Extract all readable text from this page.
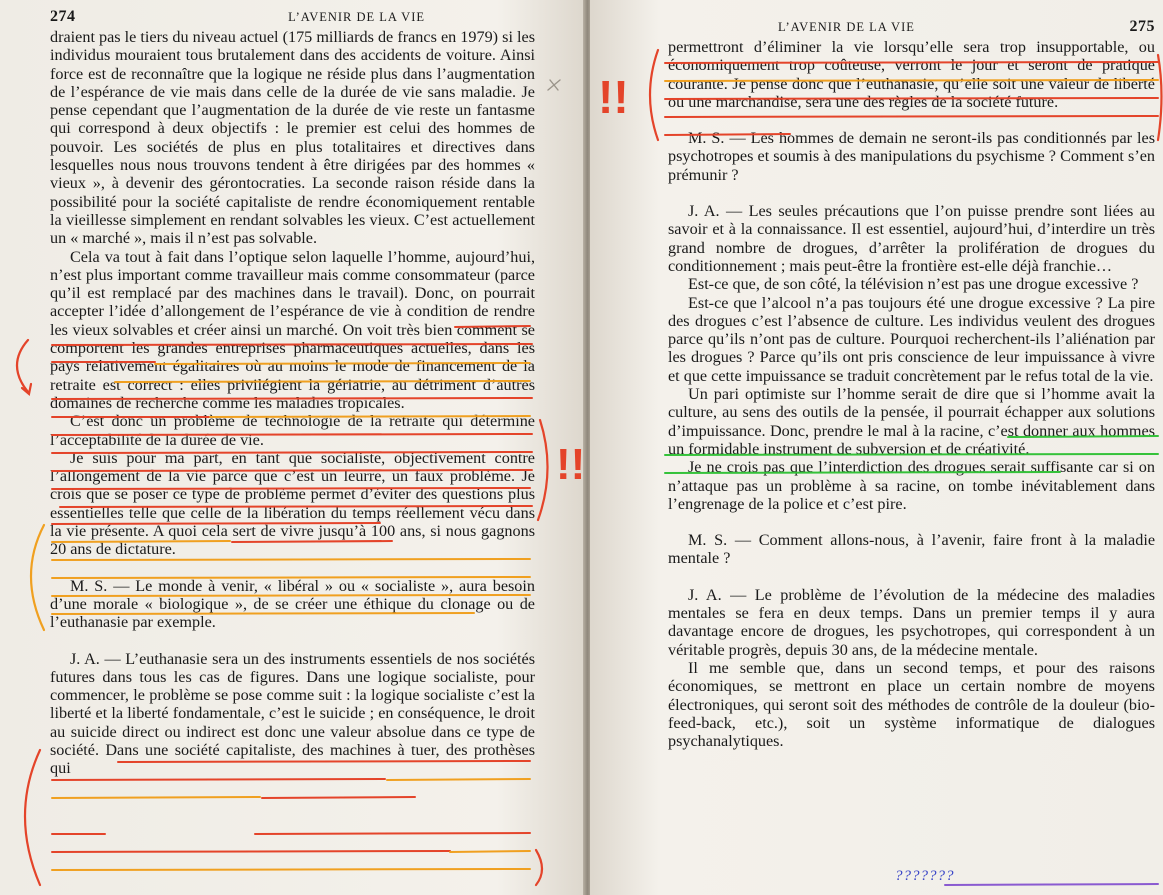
274	L’AVENIR DE LA VIE

draient pas le tiers du niveau actuel (175 milliards de francs en 1979) si les individus mouraient tous brutalement dans des accidents de voiture. Ainsi force est de reconnaître que la logique ne réside plus dans l’augmentation de l’espérance de vie mais dans celle de la durée de vie sans maladie. Je pense cependant que l’augmentation de la durée de vie reste un fantasme qui correspond à deux objectifs : le premier est celui des hommes de pouvoir. Les sociétés de plus en plus totalitaires et directives dans lesquelles nous nous trouvons tendent à être dirigées par des hommes « vieux », à devenir des gérontocraties. La seconde raison réside dans la possibilité pour la société capitaliste de rendre économiquement rentable la vieillesse simplement en rendant solvables les vieux. C’est actuellement un « marché », mais il n’est pas solvable.

Cela va tout à fait dans l’optique selon laquelle l’homme, aujourd’hui, n’est plus important comme travailleur mais comme consommateur (parce qu’il est remplacé par des machines dans le travail). Donc, on pourrait accepter l’idée d’allongement de l’espérance de vie à condition de rendre les vieux solvables et créer ainsi un marché. On voit très bien comment se comportent les grandes entreprises pharmaceutiques actuelles, dans les pays relativement égalitaires où au moins le mode de financement de la retraite est correct : elles privilégient la gériatrie, au détriment d’autres domaines de recherche comme les maladies tropicales.

C’est donc un problème de technologie de la retraite qui détermine l’acceptabilité de la durée de vie.

Je suis pour ma part, en tant que socialiste, objectivement contre l’allongement de la vie parce que c’est un leurre, un faux problème. Je crois que se poser ce type de problème permet d’éviter des questions plus essentielles telle que celle de la libération du temps réellement vécu dans la vie présente. A quoi cela sert de vivre jusqu’à 100 ans, si nous gagnons 20 ans de dictature.

M. S. — Le monde à venir, « libéral » ou « socialiste », aura besoin d’une morale « biologique », de se créer une éthique du clonage ou de l’euthanasie par exemple.

J. A. — L’euthanasie sera un des instruments essentiels de nos sociétés futures dans tous les cas de figures. Dans une logique socialiste, pour commencer, le problème se pose comme suit : la logique socialiste c’est la liberté et la liberté fondamentale, c’est le suicide ; en conséquence, le droit au suicide direct ou indirect est donc une valeur absolue dans ce type de société. Dans une société capitaliste, des machines à tuer, des prothèses qui

L’AVENIR DE LA VIE	275

permettront d’éliminer la vie lorsqu’elle sera trop insupportable, ou économiquement trop coûteuse, verront le jour et seront de pratique courante. Je pense donc que l’euthanasie, qu’elle soit une valeur de liberté ou une marchandise, sera une des règles de la société future.

M. S. — Les hommes de demain ne seront-ils pas conditionnés par les psychotropes et soumis à des manipulations du psychisme ? Comment s’en prémunir ?

J. A. — Les seules précautions que l’on puisse prendre sont liées au savoir et à la connaissance. Il est essentiel, aujourd’hui, d’interdire un très grand nombre de drogues, d’arrêter la prolifération de drogues du conditionnement ; mais peut-être la frontière est-elle déjà franchie…

Est-ce que, de son côté, la télévision n’est pas une drogue excessive ?

Est-ce que l’alcool n’a pas toujours été une drogue excessive ? La pire des drogues c’est l’absence de culture. Les individus veulent des drogues parce qu’ils n’ont pas de culture. Pourquoi recherchent-ils l’aliénation par les drogues ? Parce qu’ils ont pris conscience de leur impuissance à vivre et que cette impuissance se traduit concrètement par le refus total de la vie.

Un pari optimiste sur l’homme serait de dire que si l’homme avait la culture, au sens des outils de la pensée, il pourrait échapper aux solutions d’impuissance. Donc, prendre le mal à la racine, c’est donner aux hommes un formidable instrument de subversion et de créativité.

Je ne crois pas que l’interdiction des drogues serait suffisante car si on n’attaque pas un problème à sa racine, on tombe inévitablement dans l’engrenage de la police et c’est pire.

M. S. — Comment allons-nous, à l’avenir, faire front à la maladie mentale ?

J. A. — Le problème de l’évolution de la médecine des maladies mentales se fera en deux temps. Dans un premier temps il y aura davantage encore de drogues, les psychotropes, qui correspondent à un véritable progrès, depuis 30 ans, de la médecine mentale.

Il me semble que, dans un second temps, et pour des raisons économiques, se mettront en place un certain nombre de moyens électroniques, qui seront soit des méthodes de contrôle de la douleur (bio-feed-back, etc.), soit un système informatique de dialogues psychanalytiques.

!!
!!
???????
